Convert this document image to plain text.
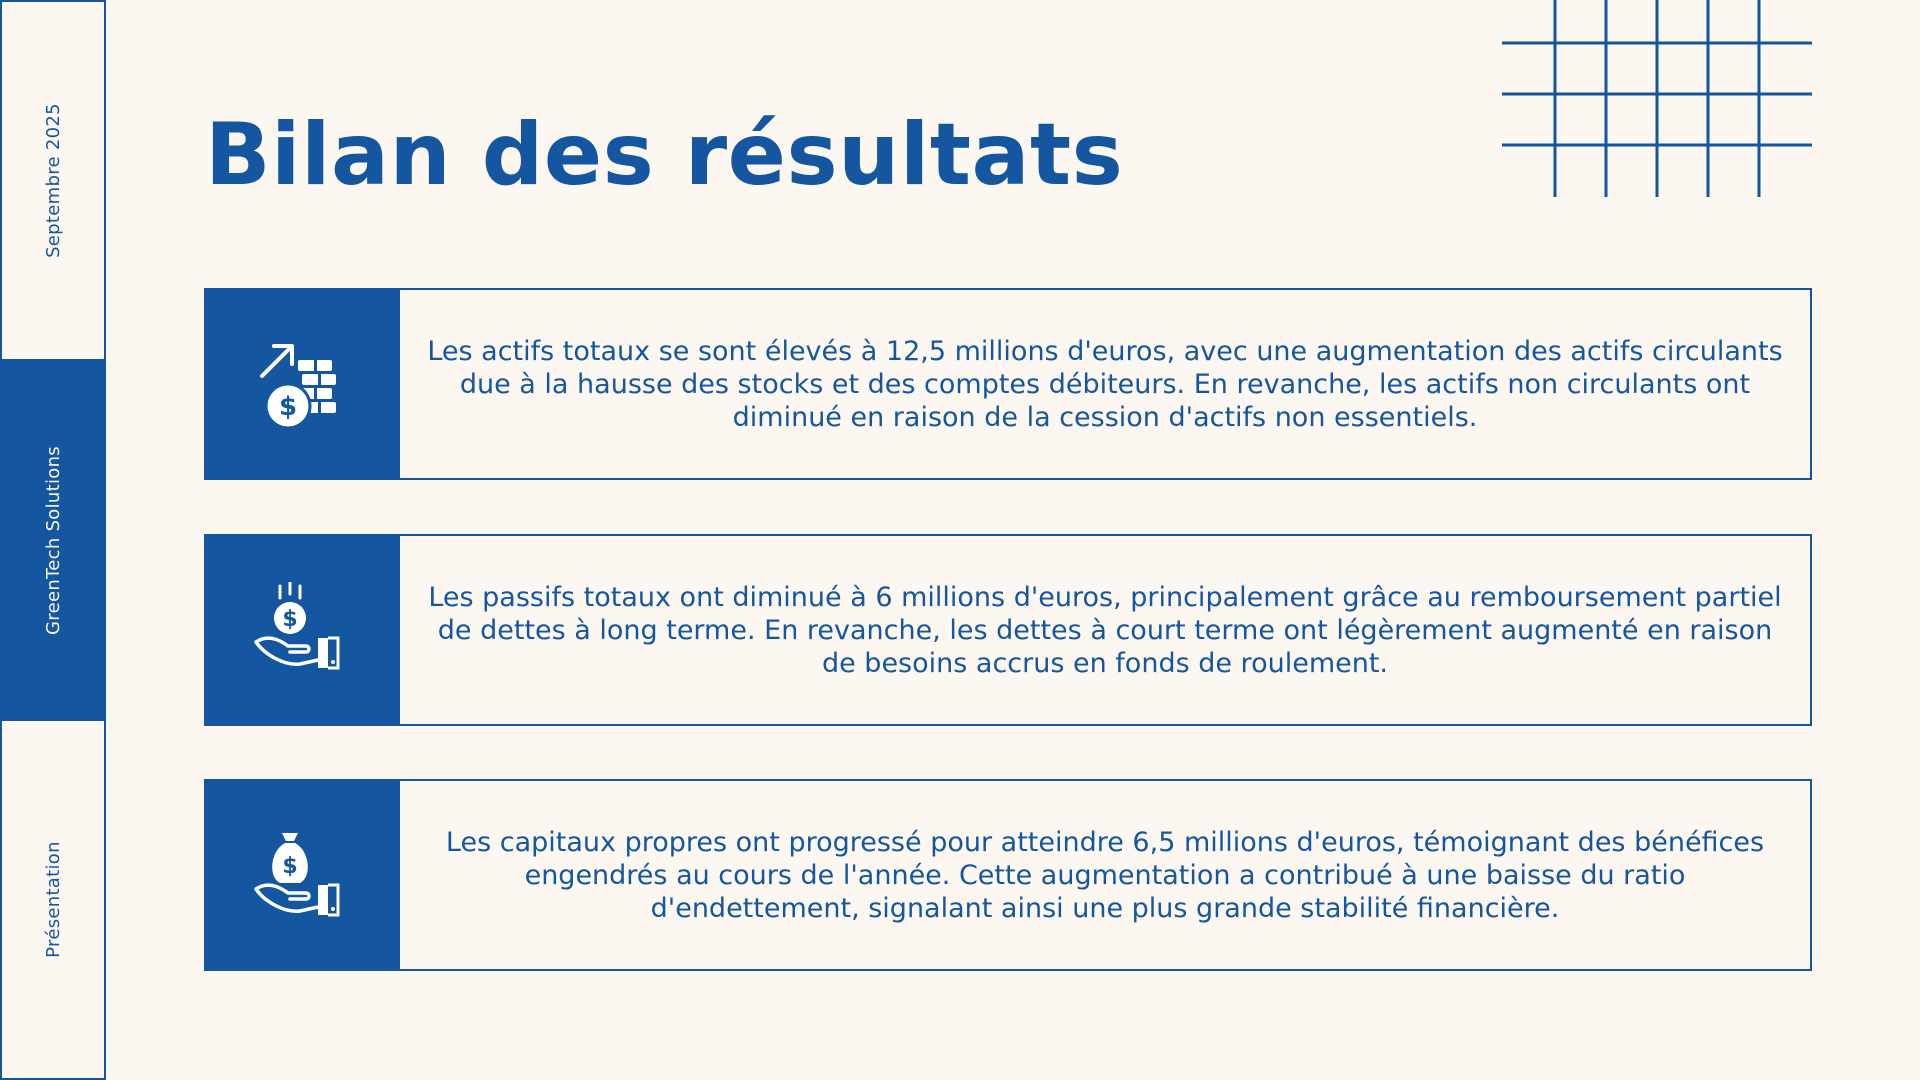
Septembre 2025
GreenTech Solutions
Présentation
Bilan des résultats
$
Les actifs totaux se sont élevés à 12,5 millions d'euros, avec une augmentation des actifs circulants due à la hausse des stocks et des comptes débiteurs. En revanche, les actifs non circulants ont diminué en raison de la cession d'actifs non essentiels.
$
Les passifs totaux ont diminué à 6 millions d'euros, principalement grâce au remboursement partiel de dettes à long terme. En revanche, les dettes à court terme ont légèrement augmenté en raison de besoins accrus en fonds de roulement.
$
Les capitaux propres ont progressé pour atteindre 6,5 millions d'euros, témoignant des bénéfices engendrés au cours de l'année. Cette augmentation a contribué à une baisse du ratio d'endettement, signalant ainsi une plus grande stabilité financière.
